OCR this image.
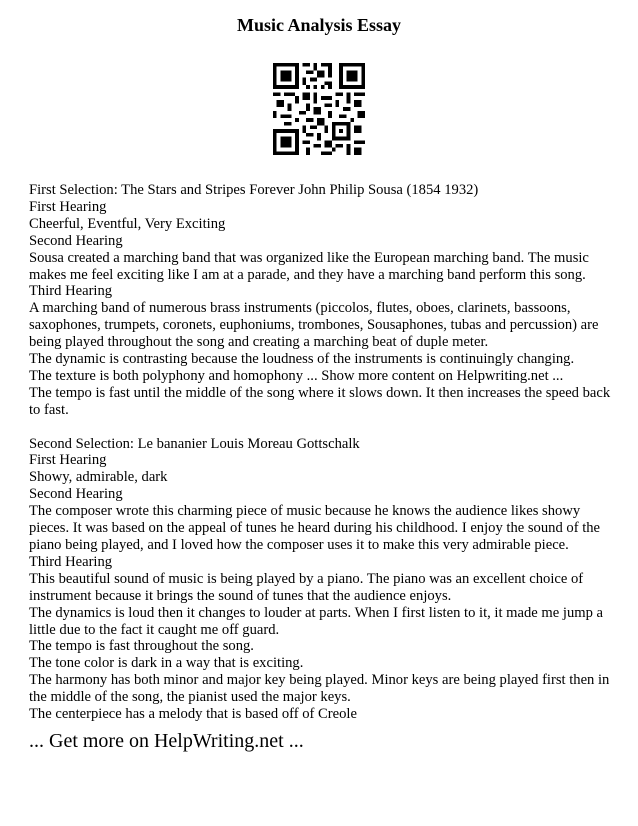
Music Analysis Essay
First Selection: The Stars and Stripes Forever John Philip Sousa (1854 1932)
First Hearing
Cheerful, Eventful, Very Exciting
Second Hearing
Sousa created a marching band that was organized like the European marching band. The music makes me feel exciting like I am at a parade, and they have a marching band perform this song.
Third Hearing
A marching band of numerous brass instruments (piccolos, flutes, oboes, clarinets, bassoons, saxophones, trumpets, coronets, euphoniums, trombones, Sousaphones, tubas and percussion) are being played throughout the song and creating a marching beat of duple meter.
The dynamic is contrasting because the loudness of the instruments is continuingly changing.
The texture is both polyphony and homophony ... Show more content on Helpwriting.net ...
The tempo is fast until the middle of the song where it slows down. It then increases the speed back to fast.
Second Selection: Le bananier Louis Moreau Gottschalk
First Hearing
Showy, admirable, dark
Second Hearing
The composer wrote this charming piece of music because he knows the audience likes showy pieces. It was based on the appeal of tunes he heard during his childhood. I enjoy the sound of the piano being played, and I loved how the composer uses it to make this very admirable piece.
Third Hearing
This beautiful sound of music is being played by a piano. The piano was an excellent choice of instrument because it brings the sound of tunes that the audience enjoys.
The dynamics is loud then it changes to louder at parts. When I first listen to it, it made me jump a little due to the fact it caught me off guard.
The tempo is fast throughout the song.
The tone color is dark in a way that is exciting.
The harmony has both minor and major key being played. Minor keys are being played first then in the middle of the song, the pianist used the major keys.
The centerpiece has a melody that is based off of Creole
... Get more on HelpWriting.net ...
